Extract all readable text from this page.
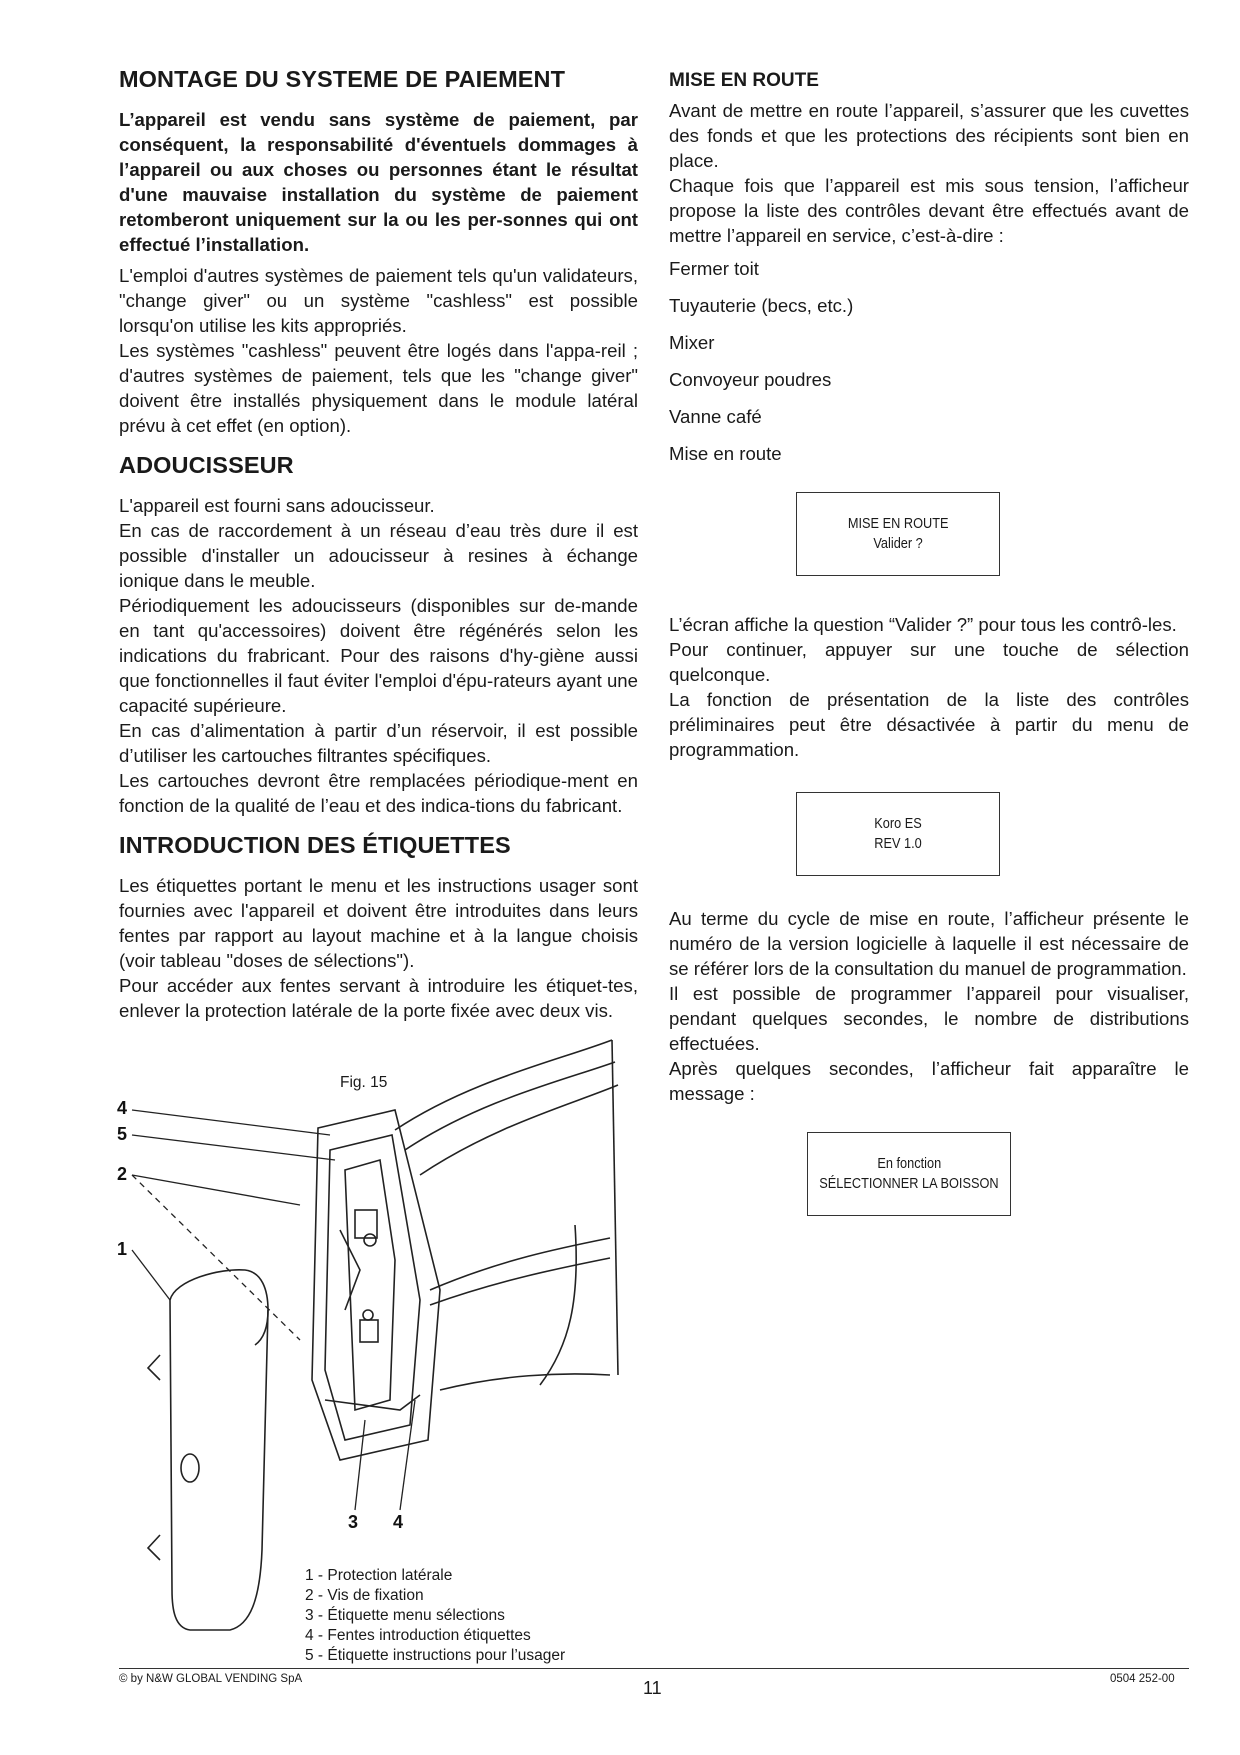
MONTAGE DU SYSTEME DE PAIEMENT

L’appareil est vendu sans système de paiement, par conséquent, la responsabilité d'éventuels dommages à l’appareil ou aux choses ou personnes étant le résultat d'une mauvaise installation du système de paiement retomberont uniquement sur la ou les per-sonnes qui ont effectué l’installation.

L'emploi d'autres systèmes de paiement tels qu'un validateurs, "change giver" ou un système "cashless" est possible lorsqu'on utilise les kits appropriés.

Les systèmes "cashless" peuvent être logés dans l'appa-reil ; d'autres systèmes de paiement, tels que les "change giver" doivent être installés physiquement dans le module latéral prévu à cet effet (en option).

ADOUCISSEUR

L'appareil est fourni sans adoucisseur.

En cas de raccordement à un réseau d’eau très dure il est possible d'installer un adoucisseur à resines à échange ionique dans le meuble.

Périodiquement les adoucisseurs (disponibles sur de-mande en tant qu'accessoires) doivent être régénérés selon les indications du frabricant. Pour des raisons d'hy-giène aussi que fonctionnelles il faut éviter l'emploi d'épu-rateurs ayant une capacité supérieure.

En cas d’alimentation à partir d’un réservoir, il est possible d’utiliser les cartouches filtrantes spécifiques.

Les cartouches devront être remplacées périodique-ment en fonction de la qualité de l’eau et des indica-tions du fabricant.

INTRODUCTION DES ÉTIQUETTES

Les étiquettes portant le menu et les instructions usager sont fournies avec l'appareil et doivent être introduites dans leurs fentes par rapport au layout machine et à la langue choisis (voir tableau "doses de sélections").

Pour accéder aux fentes servant à introduire les étiquet-tes, enlever la protection latérale de la porte fixée avec deux vis.

Fig. 15
4
5
2
1
3 4
1 - Protection latérale
2 - Vis de fixation
3 - Étiquette menu sélections
4 - Fentes introduction étiquettes
5 - Étiquette instructions pour l’usager
MISE EN ROUTE

Avant de mettre en route l’appareil, s’assurer que les cuvettes des fonds et que les protections des récipients sont bien en place.

Chaque fois que l’appareil est mis sous tension, l’afficheur propose la liste des contrôles devant être effectués avant de mettre l’appareil en service, c’est-à-dire :

Fermer toit
Tuyauterie (becs, etc.)
Mixer
Convoyeur poudres
Vanne café
Mise en route
MISE EN ROUTE
Valider ?

L’écran affiche la question “Valider ?” pour tous les contrô-les.

Pour continuer, appuyer sur une touche de sélection quelconque.

La fonction de présentation de la liste des contrôles préliminaires peut être désactivée à partir du menu de programmation.

Koro ES
REV 1.0

Au terme du cycle de mise en route, l’afficheur présente le numéro de la version logicielle à laquelle il est nécessaire de se référer lors de la consultation du manuel de programmation.

Il est possible de programmer l’appareil pour visualiser, pendant quelques secondes, le nombre de distributions effectuées.

Après quelques secondes, l’afficheur fait apparaître le message :

En fonction
SÉLECTIONNER LA BOISSON
© by N&W GLOBAL VENDING SpA	11	0504 252-00
